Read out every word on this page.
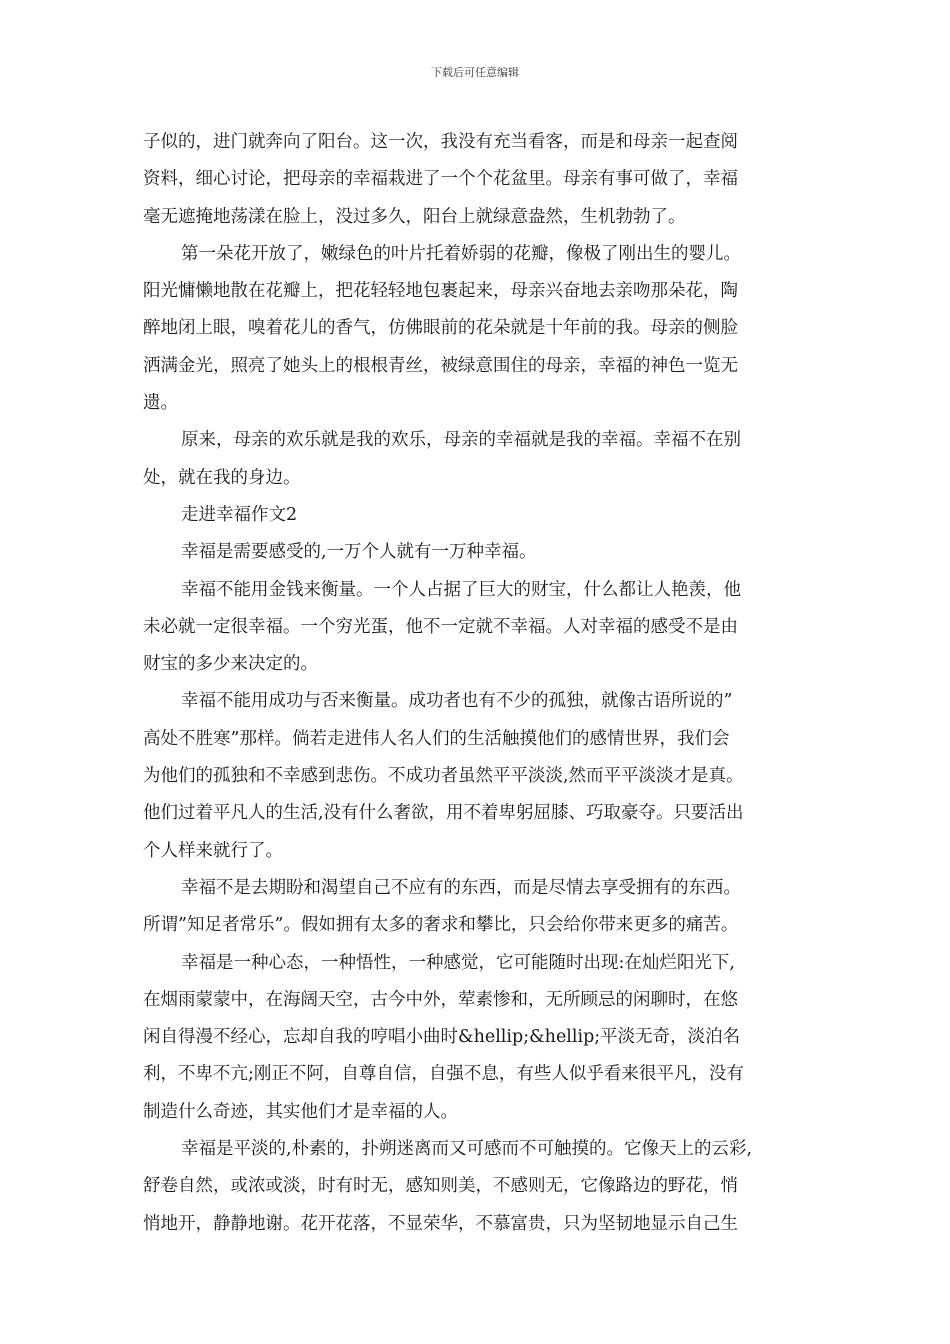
下载后可任意编辑
子似的，进门就奔向了阳台。这一次，我没有充当看客，而是和母亲一起查阅
资料，细心讨论，把母亲的幸福栽进了一个个花盆里。母亲有事可做了，幸福
毫无遮掩地荡漾在脸上，没过多久，阳台上就绿意盎然，生机勃勃了。
第一朵花开放了，嫩绿色的叶片托着娇弱的花瓣，像极了刚出生的婴儿。
阳光慵懒地散在花瓣上，把花轻轻地包裹起来，母亲兴奋地去亲吻那朵花，陶
醉地闭上眼，嗅着花儿的香气，仿佛眼前的花朵就是十年前的我。母亲的侧脸
洒满金光，照亮了她头上的根根青丝，被绿意围住的母亲，幸福的神色一览无
遗。
原来，母亲的欢乐就是我的欢乐，母亲的幸福就是我的幸福。幸福不在别
处，就在我的身边。
走进幸福作文2
幸福是需要感受的,一万个人就有一万种幸福。
幸福不能用金钱来衡量。一个人占据了巨大的财宝，什么都让人艳羡，他
未必就一定很幸福。一个穷光蛋，他不一定就不幸福。人对幸福的感受不是由
财宝的多少来决定的。
幸福不能用成功与否来衡量。成功者也有不少的孤独，就像古语所说的”
高处不胜寒”那样。倘若走进伟人名人们的生活触摸他们的感情世界，我们会
为他们的孤独和不幸感到悲伤。不成功者虽然平平淡淡,然而平平淡淡才是真。
他们过着平凡人的生活,没有什么奢欲，用不着卑躬屈膝、巧取豪夺。只要活出
个人样来就行了。
幸福不是去期盼和渴望自己不应有的东西，而是尽情去享受拥有的东西。
所谓”知足者常乐”。假如拥有太多的奢求和攀比，只会给你带来更多的痛苦。
幸福是一种心态，一种悟性，一种感觉，它可能随时出现:在灿烂阳光下,
在烟雨蒙蒙中，在海阔天空，古今中外，荤素惨和，无所顾忌的闲聊时，在悠
闲自得漫不经心，忘却自我的哼唱小曲时&hellip;&hellip;平淡无奇，淡泊名
利，不卑不亢;刚正不阿，自尊自信，自强不息，有些人似乎看来很平凡，没有
制造什么奇迹，其实他们才是幸福的人。
幸福是平淡的,朴素的，扑朔迷离而又可感而不可触摸的。它像天上的云彩,
舒卷自然，或浓或淡，时有时无，感知则美，不感则无，它像路边的野花，悄
悄地开，静静地谢。花开花落，不显荣华，不慕富贵，只为坚韧地显示自己生
